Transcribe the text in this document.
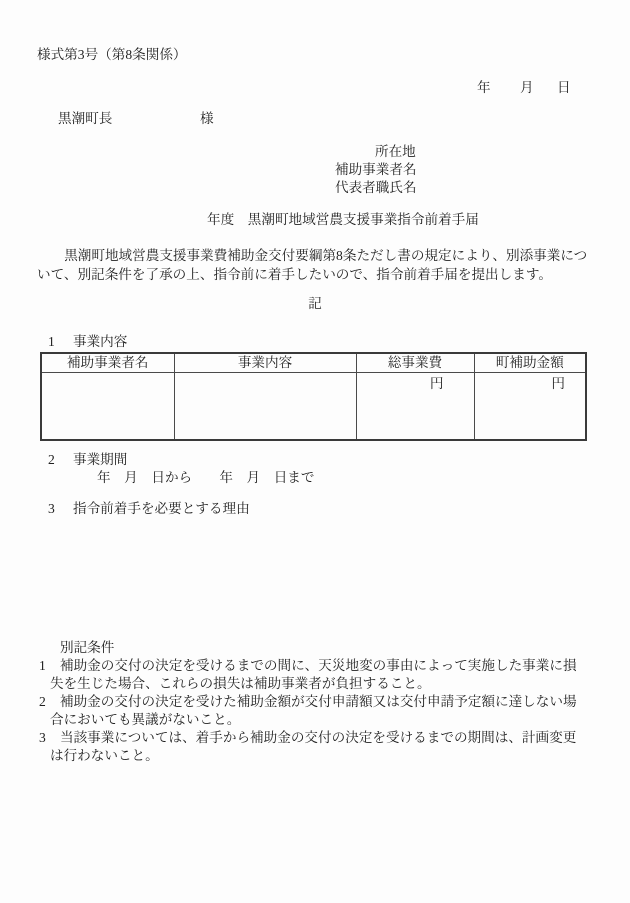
様式第3号（第8条関係）
年 月 日
黒潮町長	様
所在地
補助事業者名
代表者職氏名
年度　黒潮町地域営農支援事業指令前着手届
黒潮町地域営農支援事業費補助金交付要綱第8条ただし書の規定により、別添事業について、別記条件を了承の上、指令前に着手したいので、指令前着手届を提出します。
記
1 事業内容
補助事業者名	事業内容	総事業費	町補助金額
		円	円
2 事業期間
年　月　日から　　年　月　日まで
3 指令前着手を必要とする理由
別記条件
1 補助金の交付の決定を受けるまでの間に、天災地変の事由によって実施した事業に損失を生じた場合、これらの損失は補助事業者が負担すること。
2 補助金の交付の決定を受けた補助金額が交付申請額又は交付申請予定額に達しない場合においても異議がないこと。
3 当該事業については、着手から補助金の交付の決定を受けるまでの期間は、計画変更は行わないこと。
